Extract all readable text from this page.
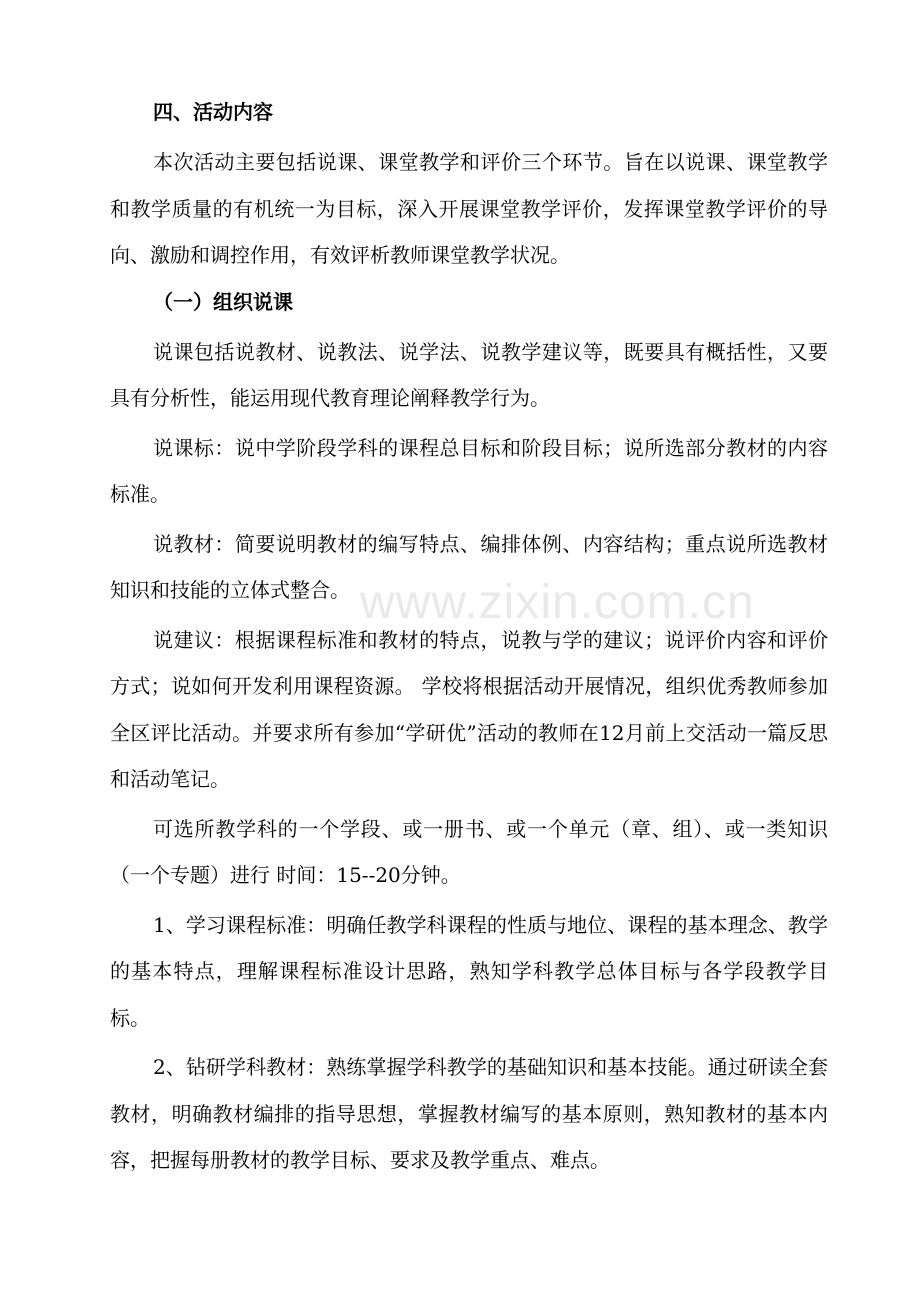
www.zixin.com.cn
四、活动内容

本次活动主要包括说课、课堂教学和评价三个环节。旨在以说课、课堂教学和教学质量的有机统一为目标，深入开展课堂教学评价，发挥课堂教学评价的导向、激励和调控作用，有效评析教师课堂教学状况。

（一）组织说课

说课包括说教材、说教法、说学法、说教学建议等，既要具有概括性，又要具有分析性，能运用现代教育理论阐释教学行为。

说课标：说中学阶段学科的课程总目标和阶段目标；说所选部分教材的内容标准。

说教材：简要说明教材的编写特点、编排体例、内容结构；重点说所选教材知识和技能的立体式整合。

说建议：根据课程标准和教材的特点，说教与学的建议；说评价内容和评价方式；说如何开发利用课程资源。 学校将根据活动开展情况，组织优秀教师参加全区评比活动。并要求所有参加“学研优”活动的教师在12月前上交活动一篇反思和活动笔记。

可选所教学科的一个学段、或一册书、或一个单元（章、组）、或一类知识（一个专题）进行 时间：15--20分钟。

1、学习课程标准：明确任教学科课程的性质与地位、课程的基本理念、教学的基本特点，理解课程标准设计思路，熟知学科教学总体目标与各学段教学目标。

2、钻研学科教材：熟练掌握学科教学的基础知识和基本技能。通过研读全套教材，明确教材编排的指导思想，掌握教材编写的基本原则，熟知教材的基本内容，把握每册教材的教学目标、要求及教学重点、难点。
